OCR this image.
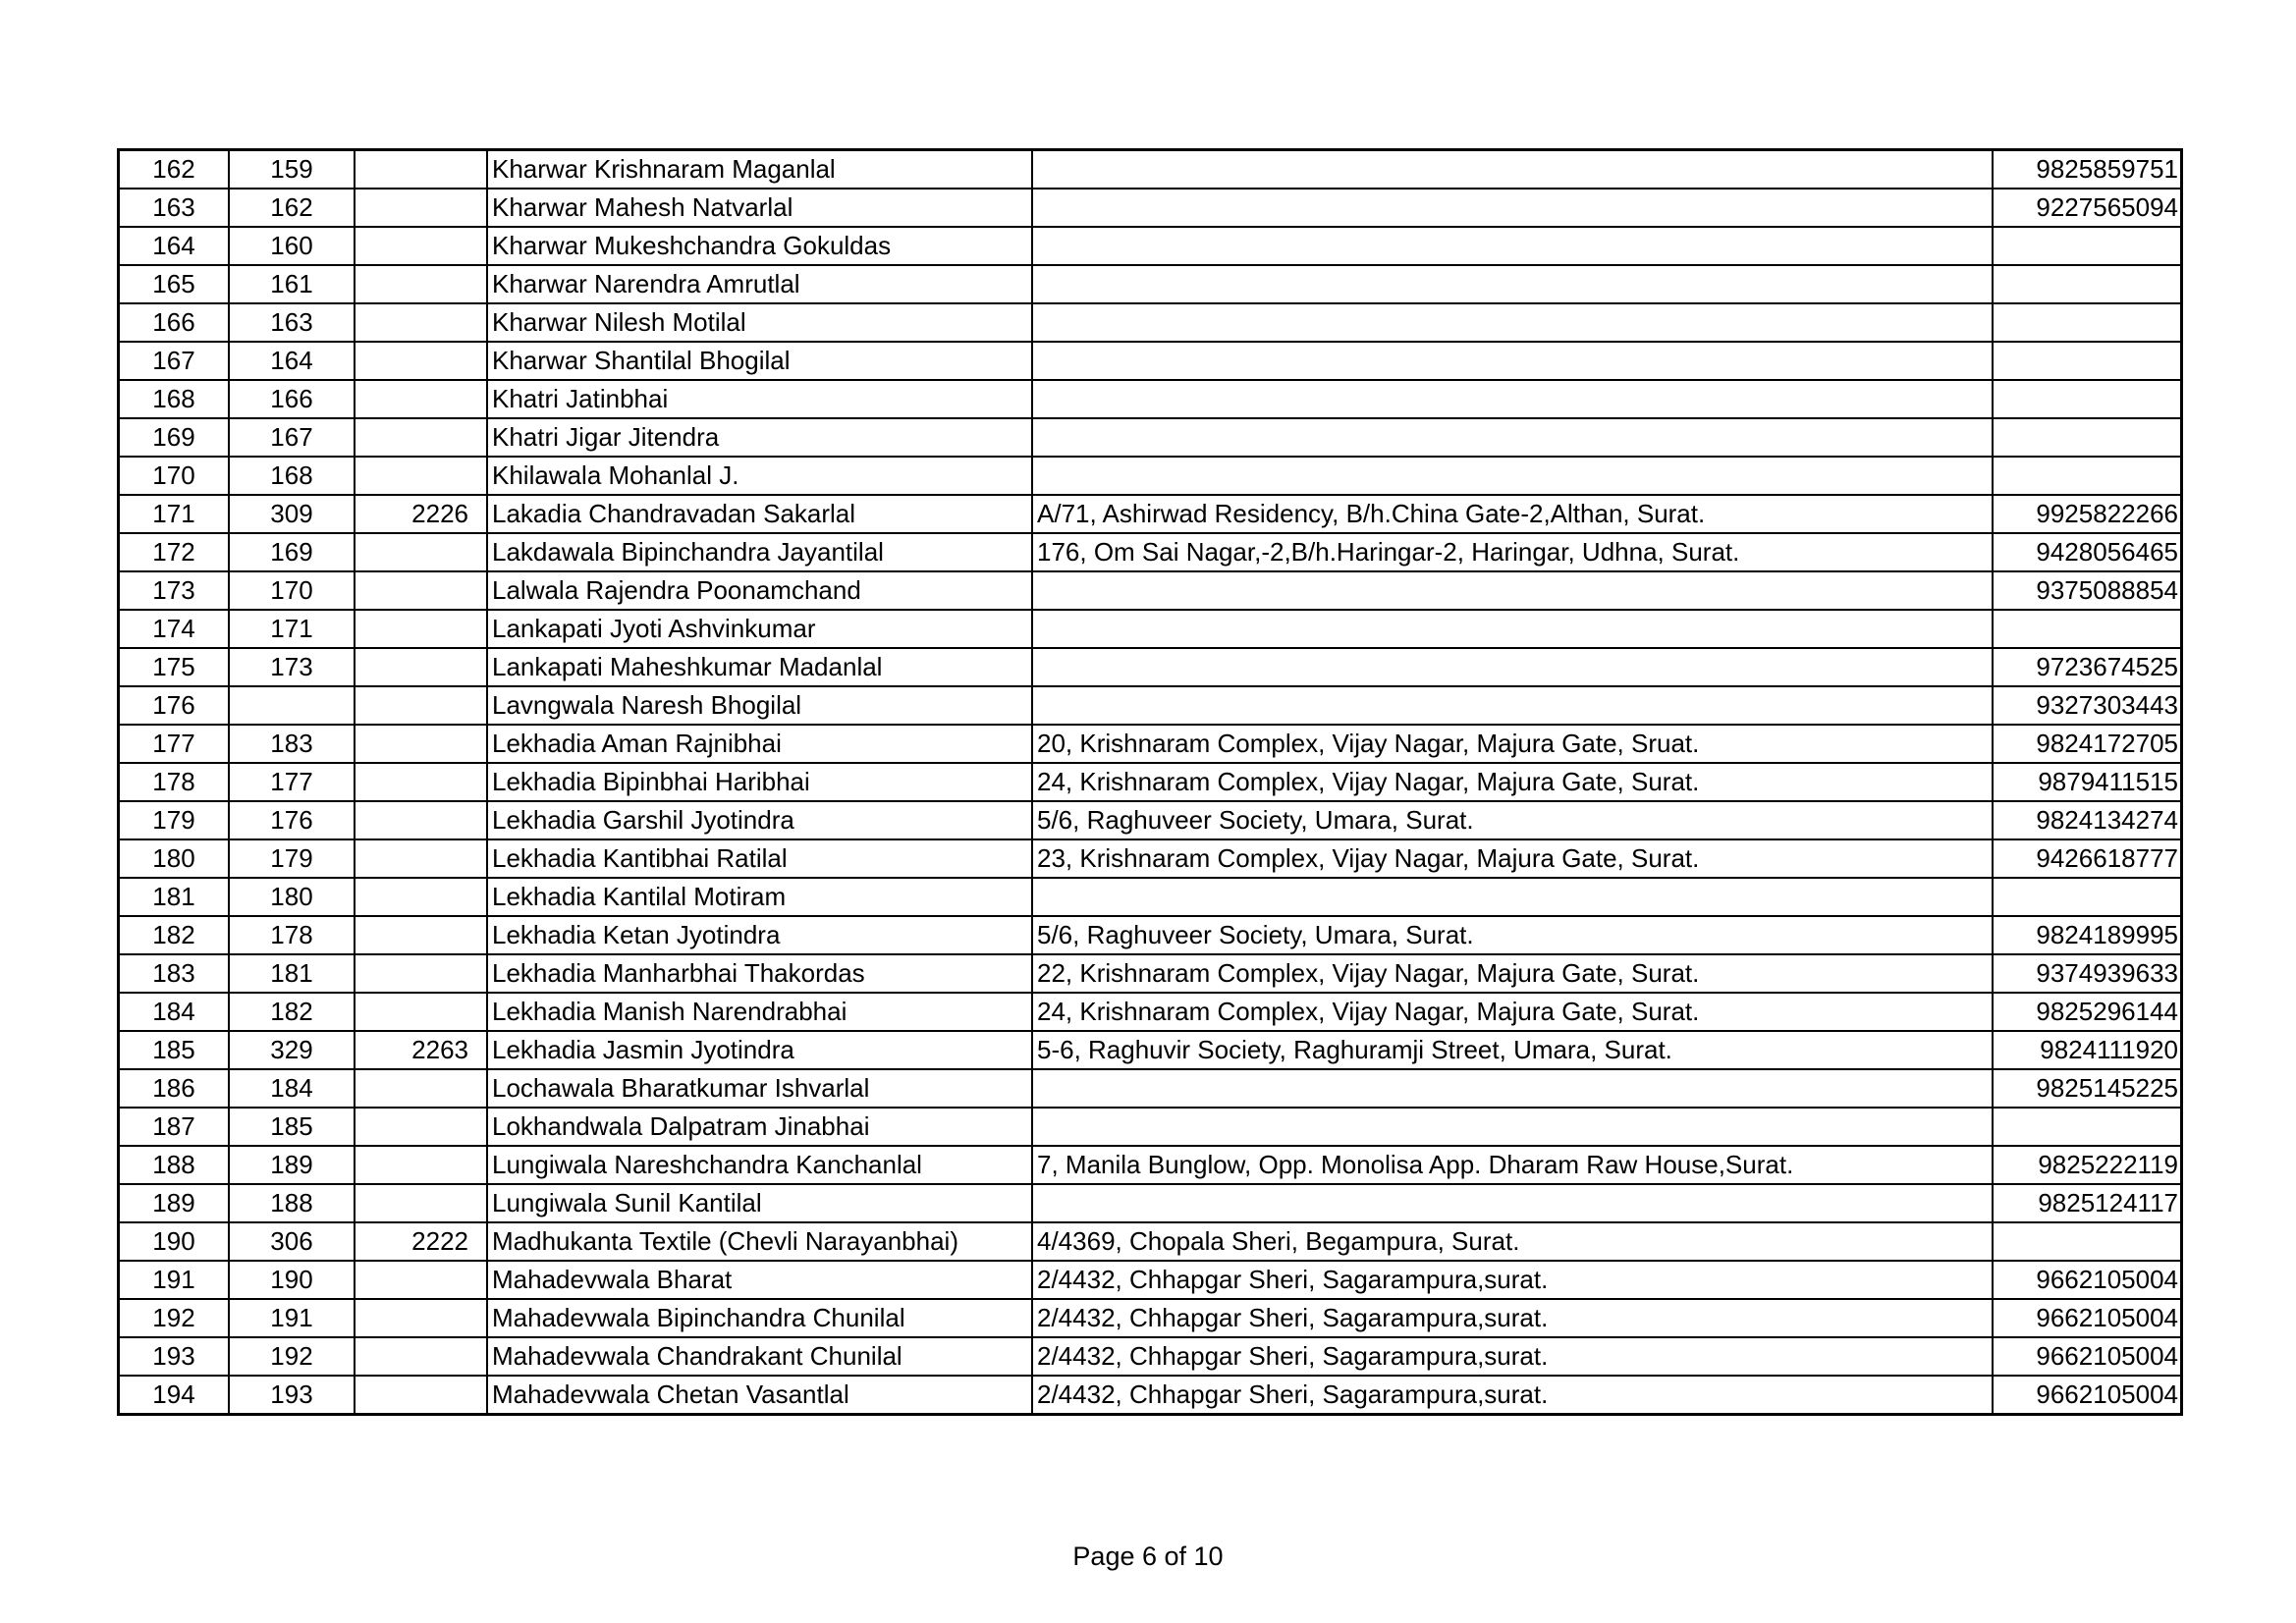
162	159		Kharwar Krishnaram Maganlal		9825859751
163	162		Kharwar Mahesh Natvarlal		9227565094
164	160		Kharwar Mukeshchandra Gokuldas		
165	161		Kharwar Narendra Amrutlal		
166	163		Kharwar Nilesh Motilal		
167	164		Kharwar Shantilal Bhogilal		
168	166		Khatri Jatinbhai		
169	167		Khatri Jigar Jitendra		
170	168		Khilawala Mohanlal J.		
171	309	2226	Lakadia Chandravadan Sakarlal	A/71, Ashirwad Residency, B/h.China Gate-2,Althan, Surat.	9925822266
172	169		Lakdawala Bipinchandra Jayantilal	176, Om Sai Nagar,-2,B/h.Haringar-2, Haringar, Udhna, Surat.	9428056465
173	170		Lalwala Rajendra Poonamchand		9375088854
174	171		Lankapati Jyoti Ashvinkumar		
175	173		Lankapati Maheshkumar Madanlal		9723674525
176			Lavngwala Naresh Bhogilal		9327303443
177	183		Lekhadia Aman Rajnibhai	20, Krishnaram Complex, Vijay Nagar, Majura Gate, Sruat.	9824172705
178	177		Lekhadia Bipinbhai Haribhai	24, Krishnaram Complex, Vijay Nagar, Majura Gate, Surat.	9879411515
179	176		Lekhadia Garshil Jyotindra	5/6, Raghuveer Society, Umara, Surat.	9824134274
180	179		Lekhadia Kantibhai Ratilal	23, Krishnaram Complex, Vijay Nagar, Majura Gate, Surat.	9426618777
181	180		Lekhadia Kantilal Motiram		
182	178		Lekhadia Ketan Jyotindra	5/6, Raghuveer Society, Umara, Surat.	9824189995
183	181		Lekhadia Manharbhai Thakordas	22, Krishnaram Complex, Vijay Nagar, Majura Gate, Surat.	9374939633
184	182		Lekhadia Manish Narendrabhai	24, Krishnaram Complex, Vijay Nagar, Majura Gate, Surat.	9825296144
185	329	2263	Lekhadia Jasmin Jyotindra	5-6, Raghuvir Society, Raghuramji Street, Umara, Surat.	9824111920
186	184		Lochawala Bharatkumar Ishvarlal		9825145225
187	185		Lokhandwala Dalpatram Jinabhai		
188	189		Lungiwala Nareshchandra Kanchanlal	7, Manila Bunglow, Opp. Monolisa App. Dharam Raw House,Surat.	9825222119
189	188		Lungiwala Sunil Kantilal		9825124117
190	306	2222	Madhukanta Textile (Chevli Narayanbhai)	4/4369, Chopala Sheri, Begampura, Surat.	
191	190		Mahadevwala Bharat	2/4432, Chhapgar Sheri, Sagarampura,surat.	9662105004
192	191		Mahadevwala Bipinchandra Chunilal	2/4432, Chhapgar Sheri, Sagarampura,surat.	9662105004
193	192		Mahadevwala Chandrakant Chunilal	2/4432, Chhapgar Sheri, Sagarampura,surat.	9662105004
194	193		Mahadevwala Chetan Vasantlal	2/4432, Chhapgar Sheri, Sagarampura,surat.	9662105004
Page 6 of 10
